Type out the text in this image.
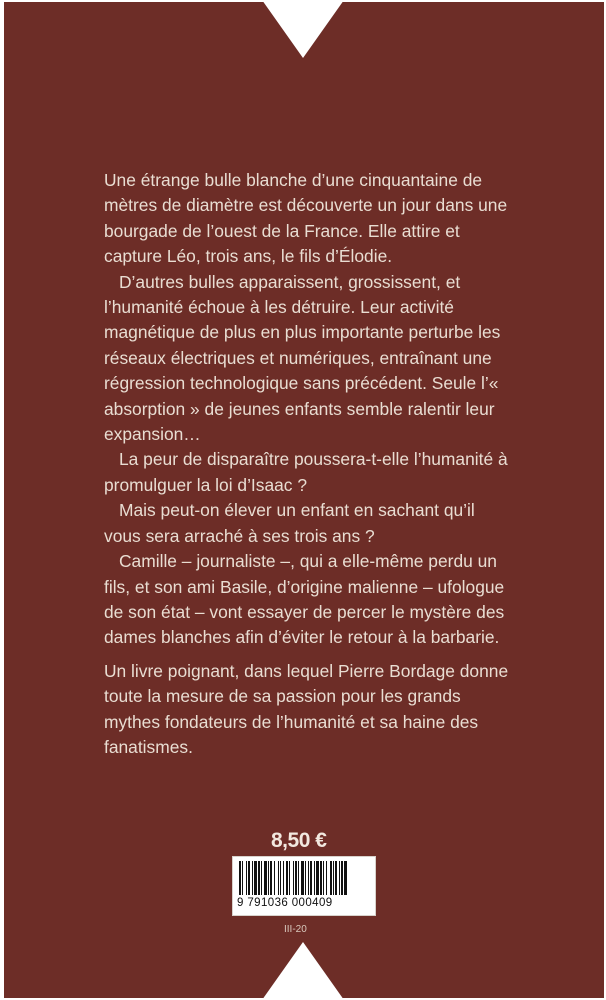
Une étrange bulle blanche d’une cinquantaine de mètres de diamètre est découverte un jour dans une bourgade de l’ouest de la France. Elle attire et capture Léo, trois ans, le fils d’Élodie.

D’autres bulles apparaissent, grossissent, et l’humanité échoue à les détruire. Leur activité magnétique de plus en plus importante perturbe les réseaux électriques et numériques, entraînant une régression technologique sans précédent. Seule l’« absorption » de jeunes enfants semble ralentir leur expansion…

La peur de disparaître poussera-t-elle l’humanité à promulguer la loi d’Isaac ?

Mais peut-on élever un enfant en sachant qu’il vous sera arraché à ses trois ans ?

Camille – journaliste –, qui a elle-même perdu un fils, et son ami Basile, d’origine malienne – ufologue de son état – vont essayer de percer le mystère des dames blanches afin d’éviter le retour à la barbarie.

Un livre poignant, dans lequel Pierre Bordage donne toute la mesure de sa passion pour les grands mythes fondateurs de l’humanité et sa haine des fanatismes.

8,50 €
9 791036 000409
III-20
